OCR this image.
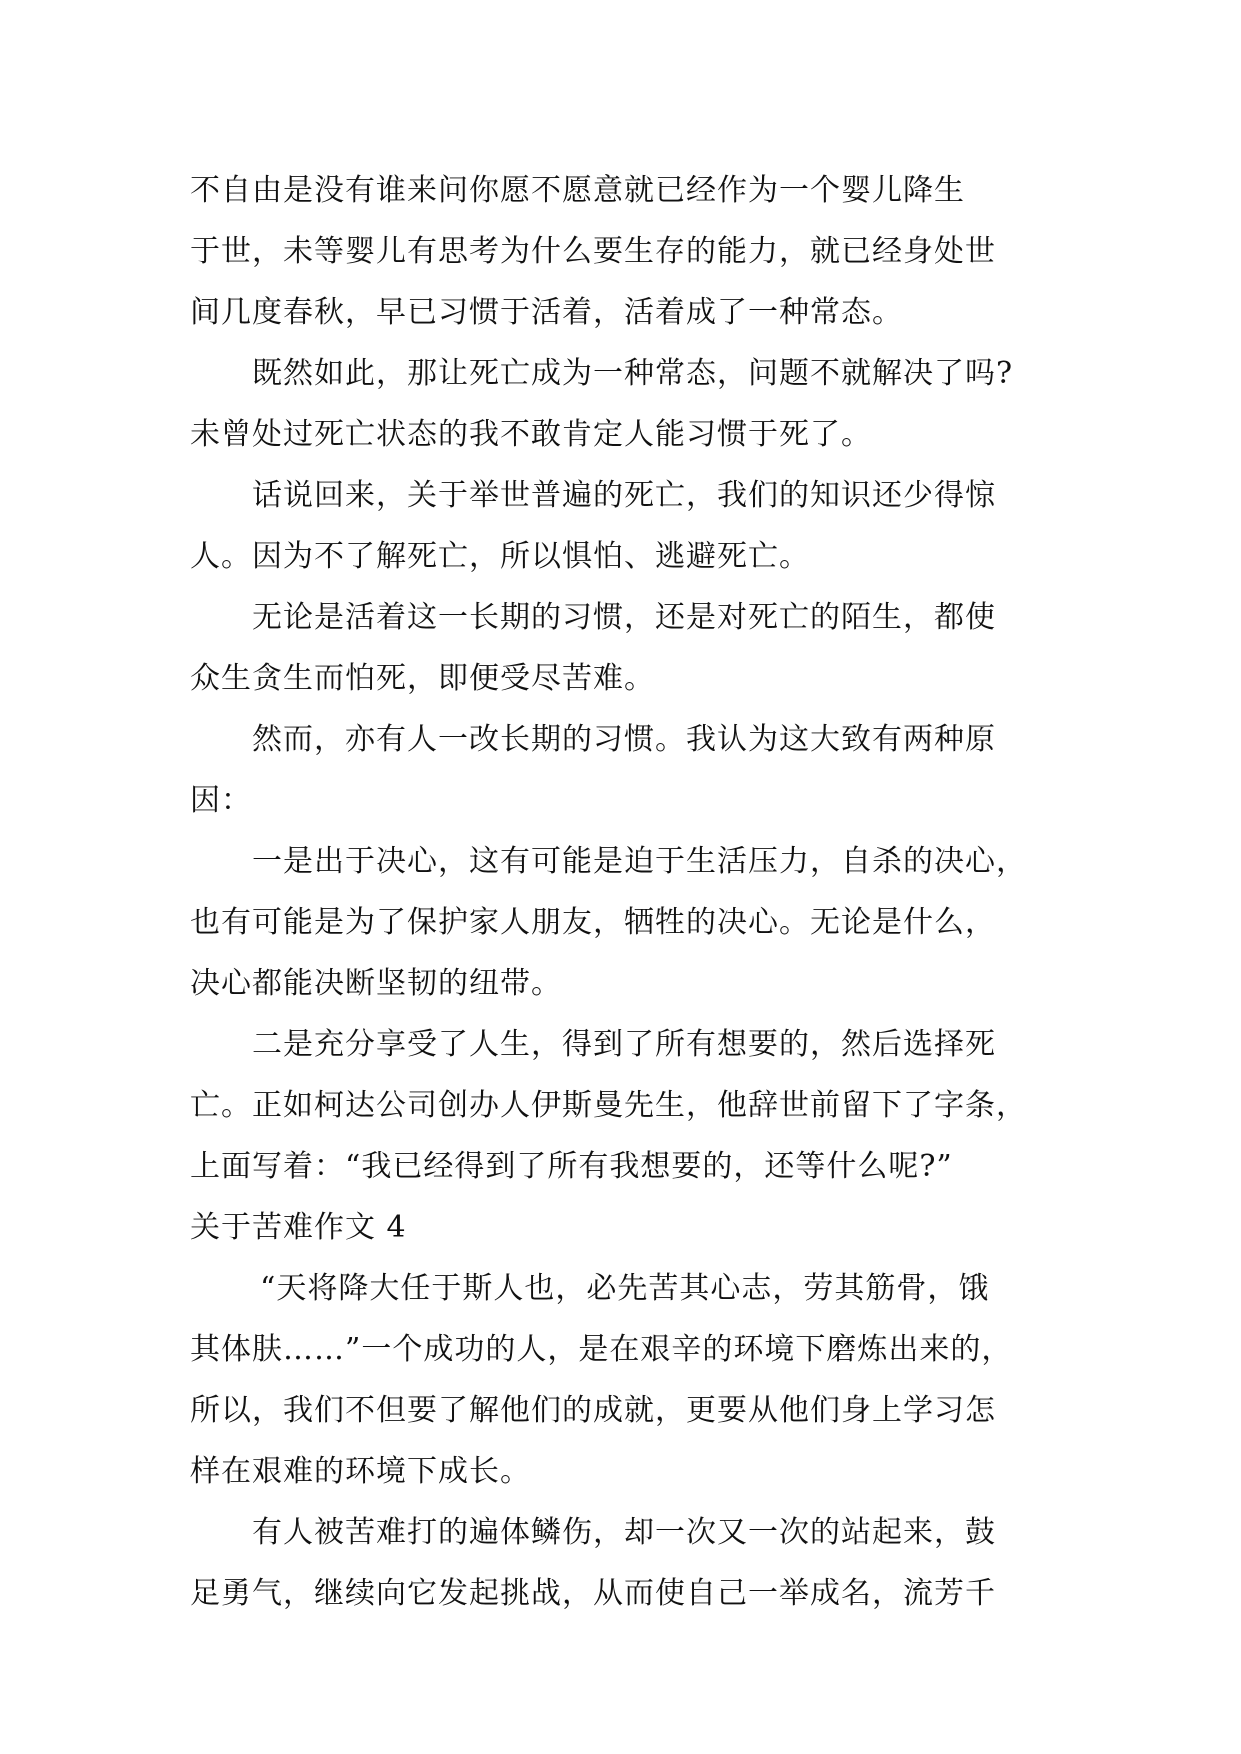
不自由是没有谁来问你愿不愿意就已经作为一个婴儿降生
于世，未等婴儿有思考为什么要生存的能力，就已经身处世
间几度春秋，早已习惯于活着，活着成了一种常态。
既然如此，那让死亡成为一种常态，问题不就解决了吗?
未曾处过死亡状态的我不敢肯定人能习惯于死了。
话说回来，关于举世普遍的死亡，我们的知识还少得惊
人。因为不了解死亡，所以惧怕、逃避死亡。
无论是活着这一长期的习惯，还是对死亡的陌生，都使
众生贪生而怕死，即便受尽苦难。
然而，亦有人一改长期的习惯。我认为这大致有两种原
因：
一是出于决心，这有可能是迫于生活压力，自杀的决心，
也有可能是为了保护家人朋友，牺牲的决心。无论是什么，
决心都能决断坚韧的纽带。
二是充分享受了人生，得到了所有想要的，然后选择死
亡。正如柯达公司创办人伊斯曼先生，他辞世前留下了字条，
上面写着：“我已经得到了所有我想要的，还等什么呢?”
关于苦难作文 4
“天将降大任于斯人也，必先苦其心志，劳其筋骨，饿
其体肤……”一个成功的人，是在艰辛的环境下磨炼出来的，
所以，我们不但要了解他们的成就，更要从他们身上学习怎
样在艰难的环境下成长。
有人被苦难打的遍体鳞伤，却一次又一次的站起来，鼓
足勇气，继续向它发起挑战，从而使自己一举成名，流芳千
